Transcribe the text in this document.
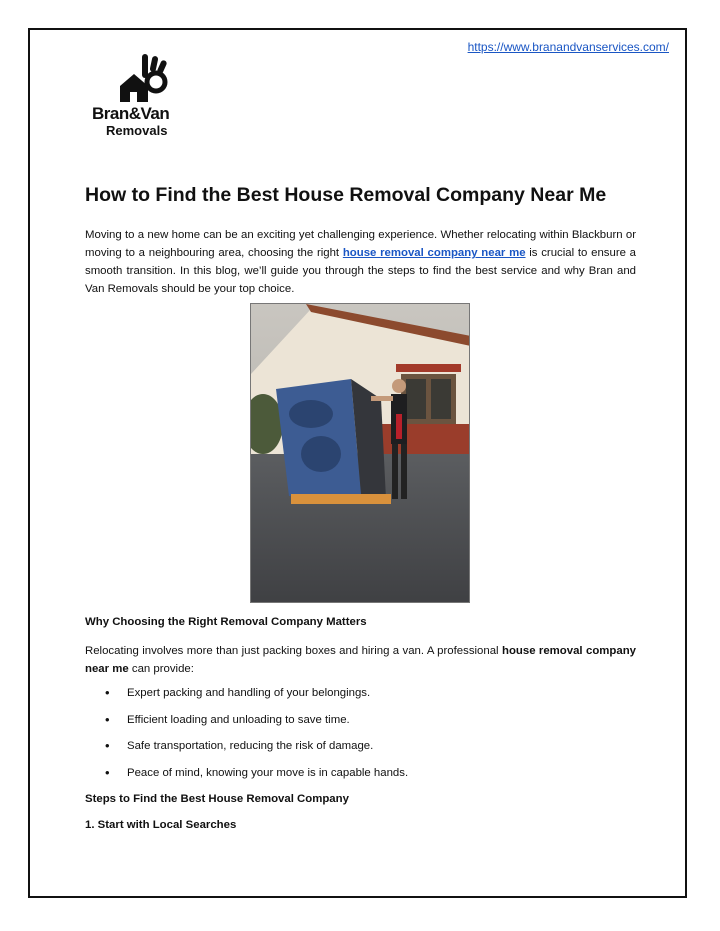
https://www.branandvanservices.com/
Bran&Van
Removals
How to Find the Best House Removal Company Near Me

Moving to a new home can be an exciting yet challenging experience. Whether relocating within Blackburn or moving to a neighbouring area, choosing the right house removal company near me is crucial to ensure a smooth transition. In this blog, we’ll guide you through the steps to find the best service and why Bran and Van Removals should be your top choice.

Why Choosing the Right Removal Company Matters

Relocating involves more than just packing boxes and hiring a van. A professional house removal company near me can provide:

• Expert packing and handling of your belongings.
• Efficient loading and unloading to save time.
• Safe transportation, reducing the risk of damage.
• Peace of mind, knowing your move is in capable hands.
Steps to Find the Best House Removal Company
1. Start with Local Searches
